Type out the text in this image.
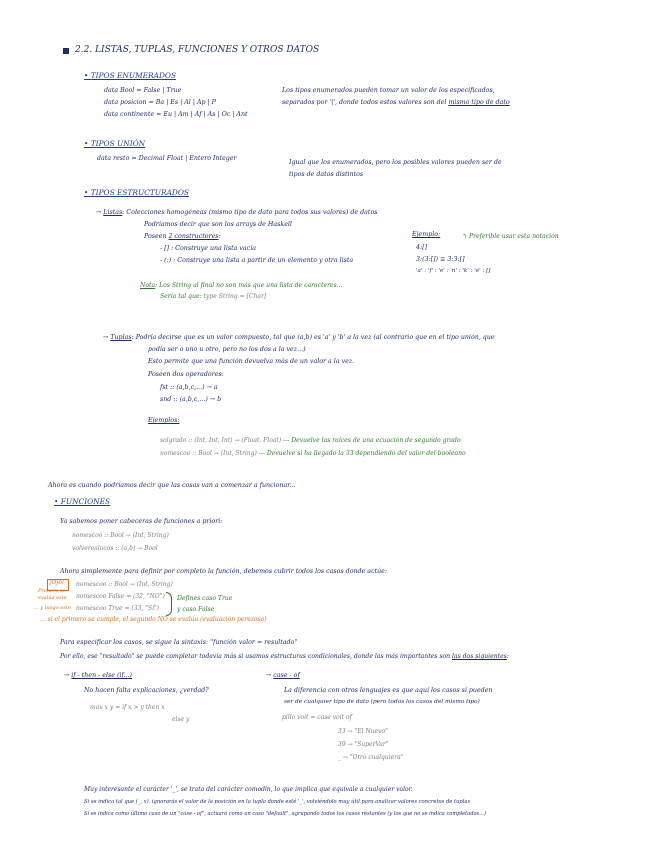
2.2. LISTAS, TUPLAS, FUNCIONES Y OTROS DATOS
• TIPOS ENUMERADOS
data Bool = False | True
data posicion = Ba | Es | Al | Ap | P
data continente = Eu | Am | Af | As | Oc | Ant
Los tipos enumerados pueden tomar un valor de los especificados,
separados por '|', donde todos estos valores son del mismo tipo de dato
• TIPOS UNIÓN
data resto = Decimal Float | Entero Integer
Igual que los enumerados, pero los posibles valores pueden ser de
tipos de datos distintos
• TIPOS ESTRUCTURADOS
→ Listas: Colecciones homogéneas (mismo tipo de dato para todos sus valores) de datos
Podríamos decir que son los arrays de Haskell
Poseen 2 constructores:
- [] : Construye una lista vacía
- (:) : Construye una lista a partir de un elemento y otra lista
Ejemplo:	↰ Preferible usar esta notación
4:[]
3:(3:[]) ≡ 3:3:[]
'a' : 'f' : 'e' : 'n' : 'k' : 'e' : []
Nota: Los String al final no son más que una lista de caracteres...
Sería tal que: type String = [Char]
→ Tuplas: Podría decirse que es un valor compuesto, tal que (a,b) es 'a' y 'b' a la vez (al contrario que en el tipo unión, que
podía ser o uno u otro, pero no los dos a la vez...)
Esto permite que una función devuelva más de un valor a la vez.
Poseen dos operadores:
fst :: (a,b,c,...) → a
snd :: (a,b,c,...) → b
Ejemplos:
solgrado :: (Int, Int, Int) → (Float, Float) --- Devuelve las raíces de una ecuación de segundo grado
nomescoo :: Bool → (Int, String) --- Devuelve si ha llegado la 33 dependiendo del valor del booleano
Ahora es cuando podríamos decir que las cosas van a comenzar a funcionar...
• FUNCIONES
Ya sabemos poner cabeceras de funciones a priori:
nomescoo :: Bool → (Int, String)
volverealocos :: (a,b) → Bool
Ahora simplemente para definir por completo la función, debemos cubrir todos los casos donde actúe:
¡Ojo! nomescoo :: Bool → (Int, String)
nomescoo False = (32, "NO")
nomescoo True = (33, "Sí")
Defines caso True
y caso False
Primero se
evalúa este
... y luego este
... si el primero se cumple, el segundo NO se evalúa (evaluación perezosa)
Para especificar los casos, se sigue la sintaxis: "función valor = resultado"
Por ello, ese "resultado" se puede completar todavía más si usamos estructuras condicionales, donde las más importantes son las dos siguientes:
→ if - then - else (if...)
No hacen falta explicaciones, ¿verdad?
max x y = if x > y then x
else y
→ case - of
La diferencia con otros lenguajes es que aquí los casos sí pueden
ser de cualquier tipo de dato (pero todos los casos del mismo tipo)
pillo voit = case voit of
33 → "El Nuevo"
39 → "SuperVar"
_ → "Otro cualquiera"
Muy interesante el carácter '_', se trata del carácter comodín, lo que implica que equivale a cualquier valor.
Si se indica tal que (_, x), ignorarás el valor de la posición en la tupla donde esté '_', volviéndolo muy útil para analizar valores concretos de tuplas
Si se indica como último caso de un "case - of", actuará como un caso "default", agrupando todos los casos restantes (y los que no se indica completados...)
